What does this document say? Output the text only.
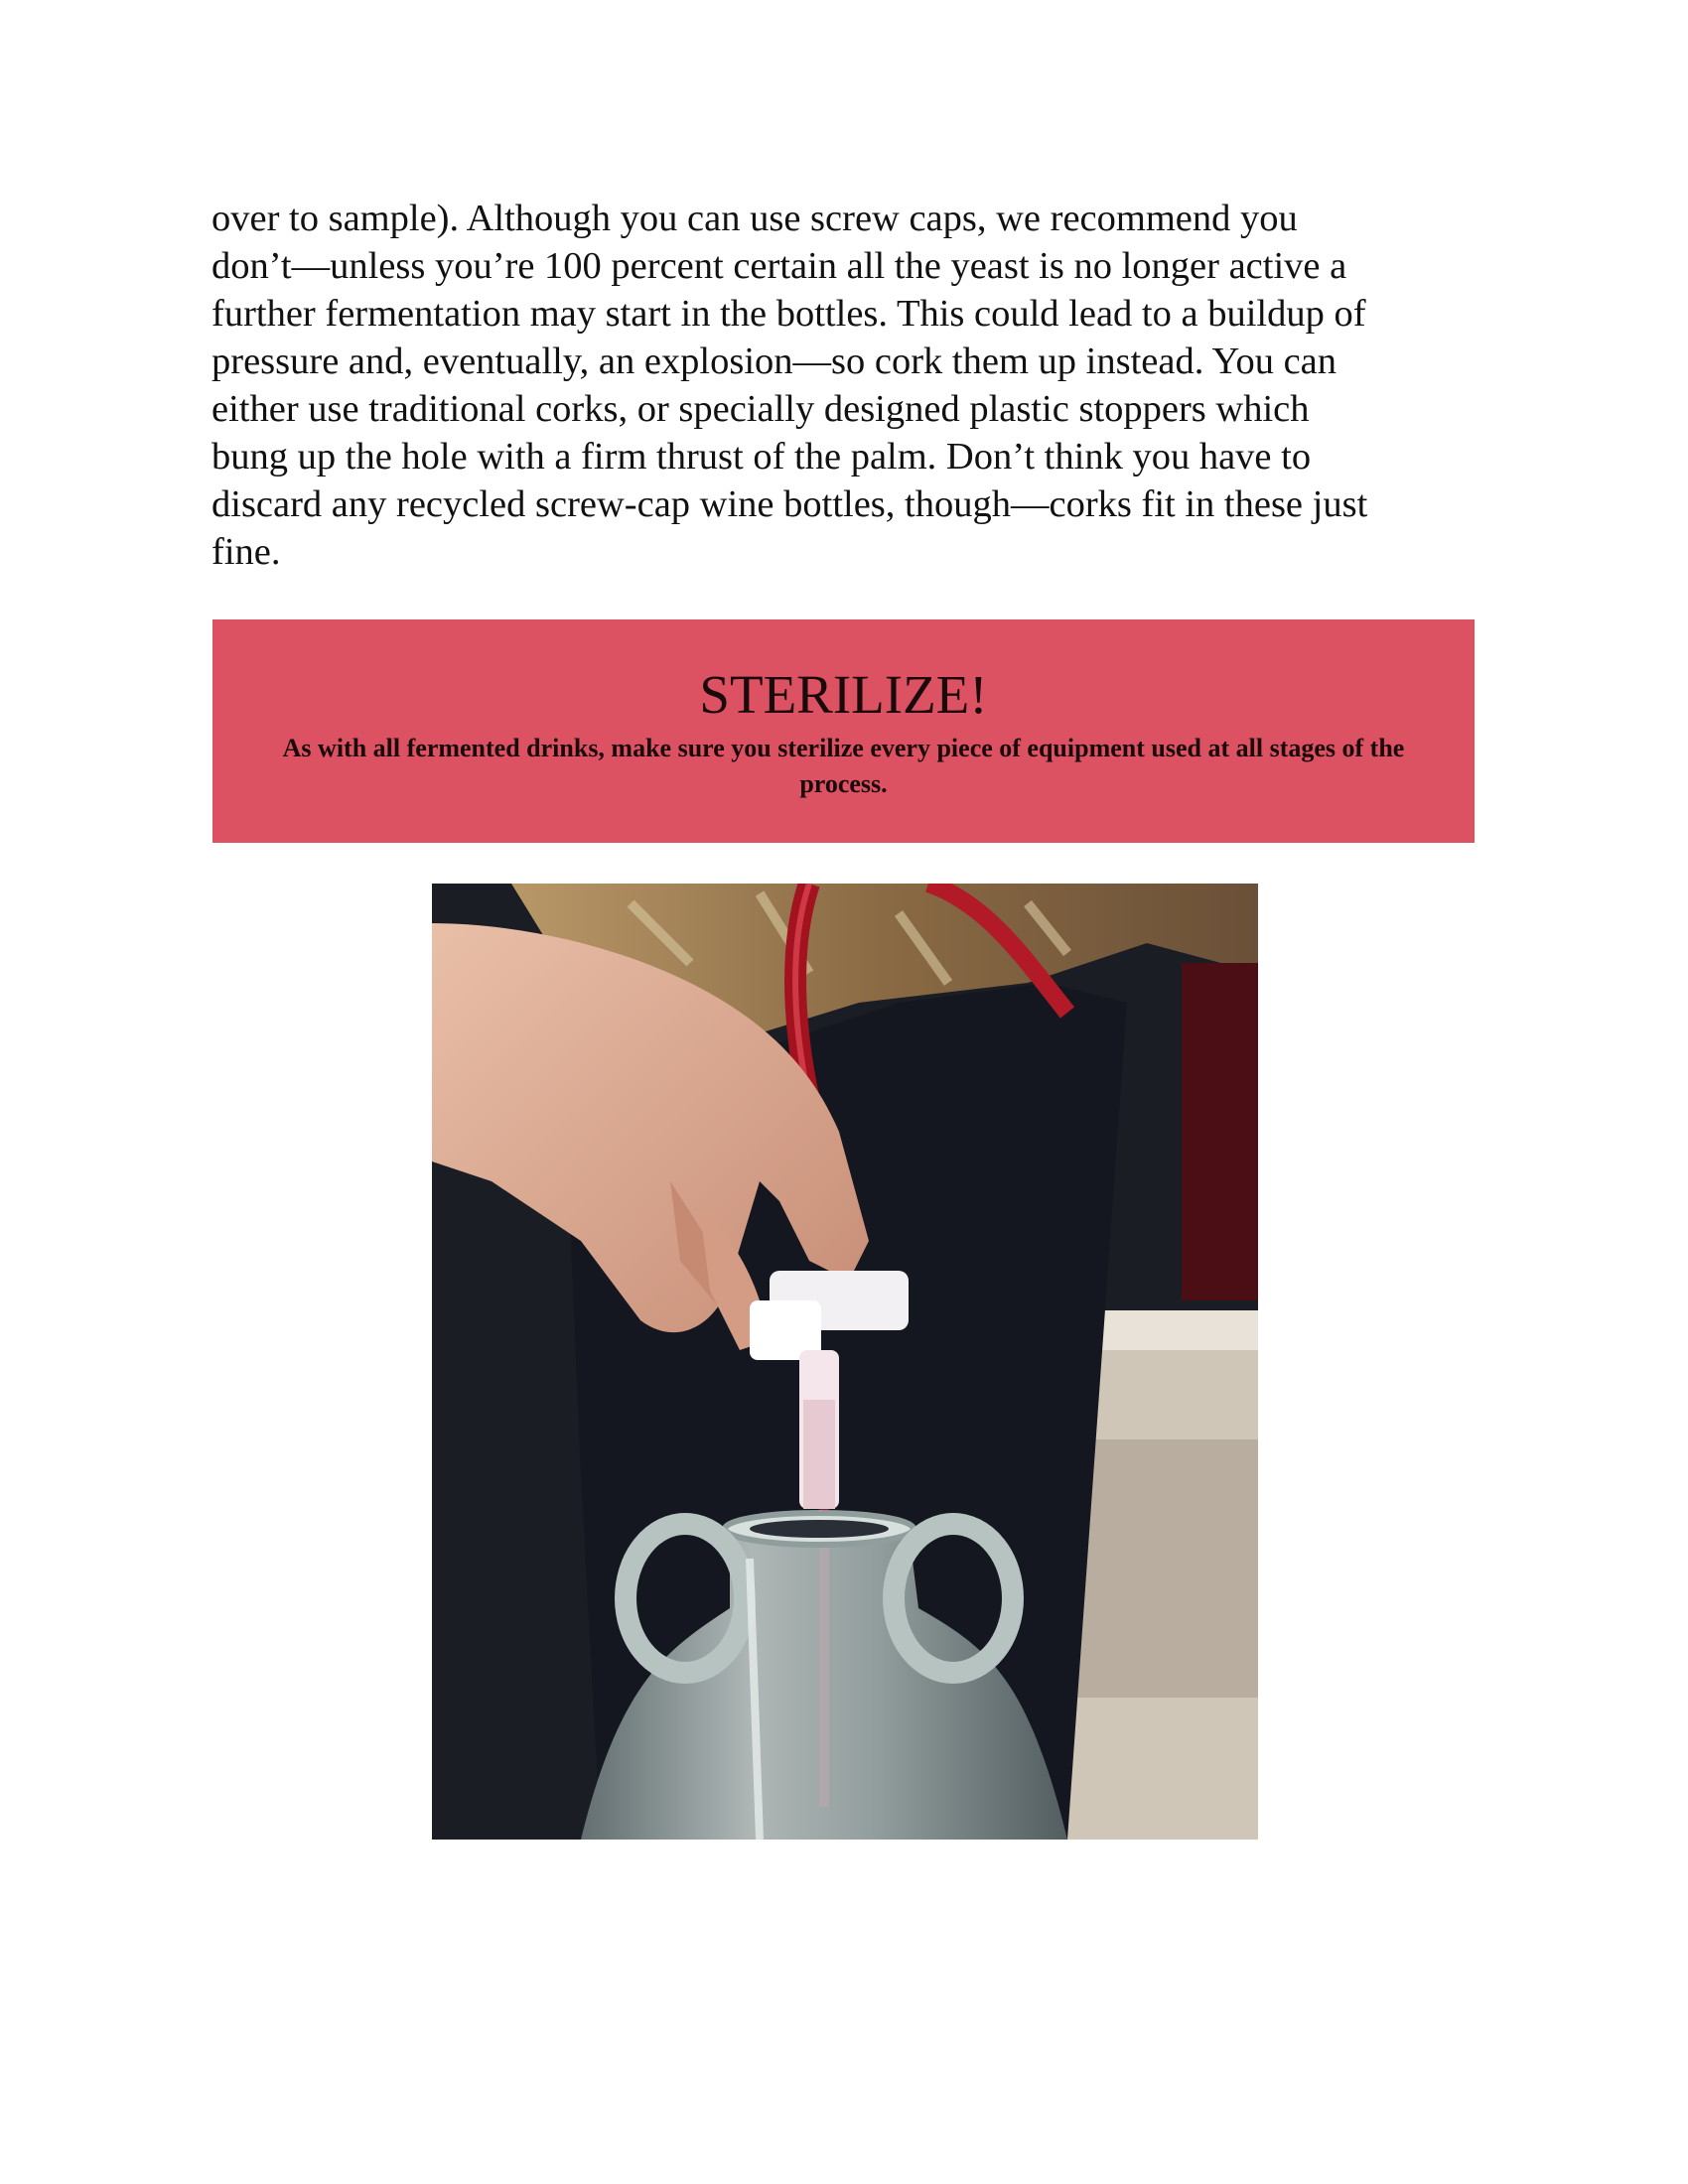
over to sample). Although you can use screw caps, we recommend you
don’t—unless you’re 100 percent certain all the yeast is no longer active a
further fermentation may start in the bottles. This could lead to a buildup of
pressure and, eventually, an explosion—so cork them up instead. You can
either use traditional corks, or specially designed plastic stoppers which
bung up the hole with a firm thrust of the palm. Don’t think you have to
discard any recycled screw-cap wine bottles, though—corks fit in these just
fine.
STERILIZE!

As with all fermented drinks, make sure you sterilize every piece of equipment used at all stages of the process.
